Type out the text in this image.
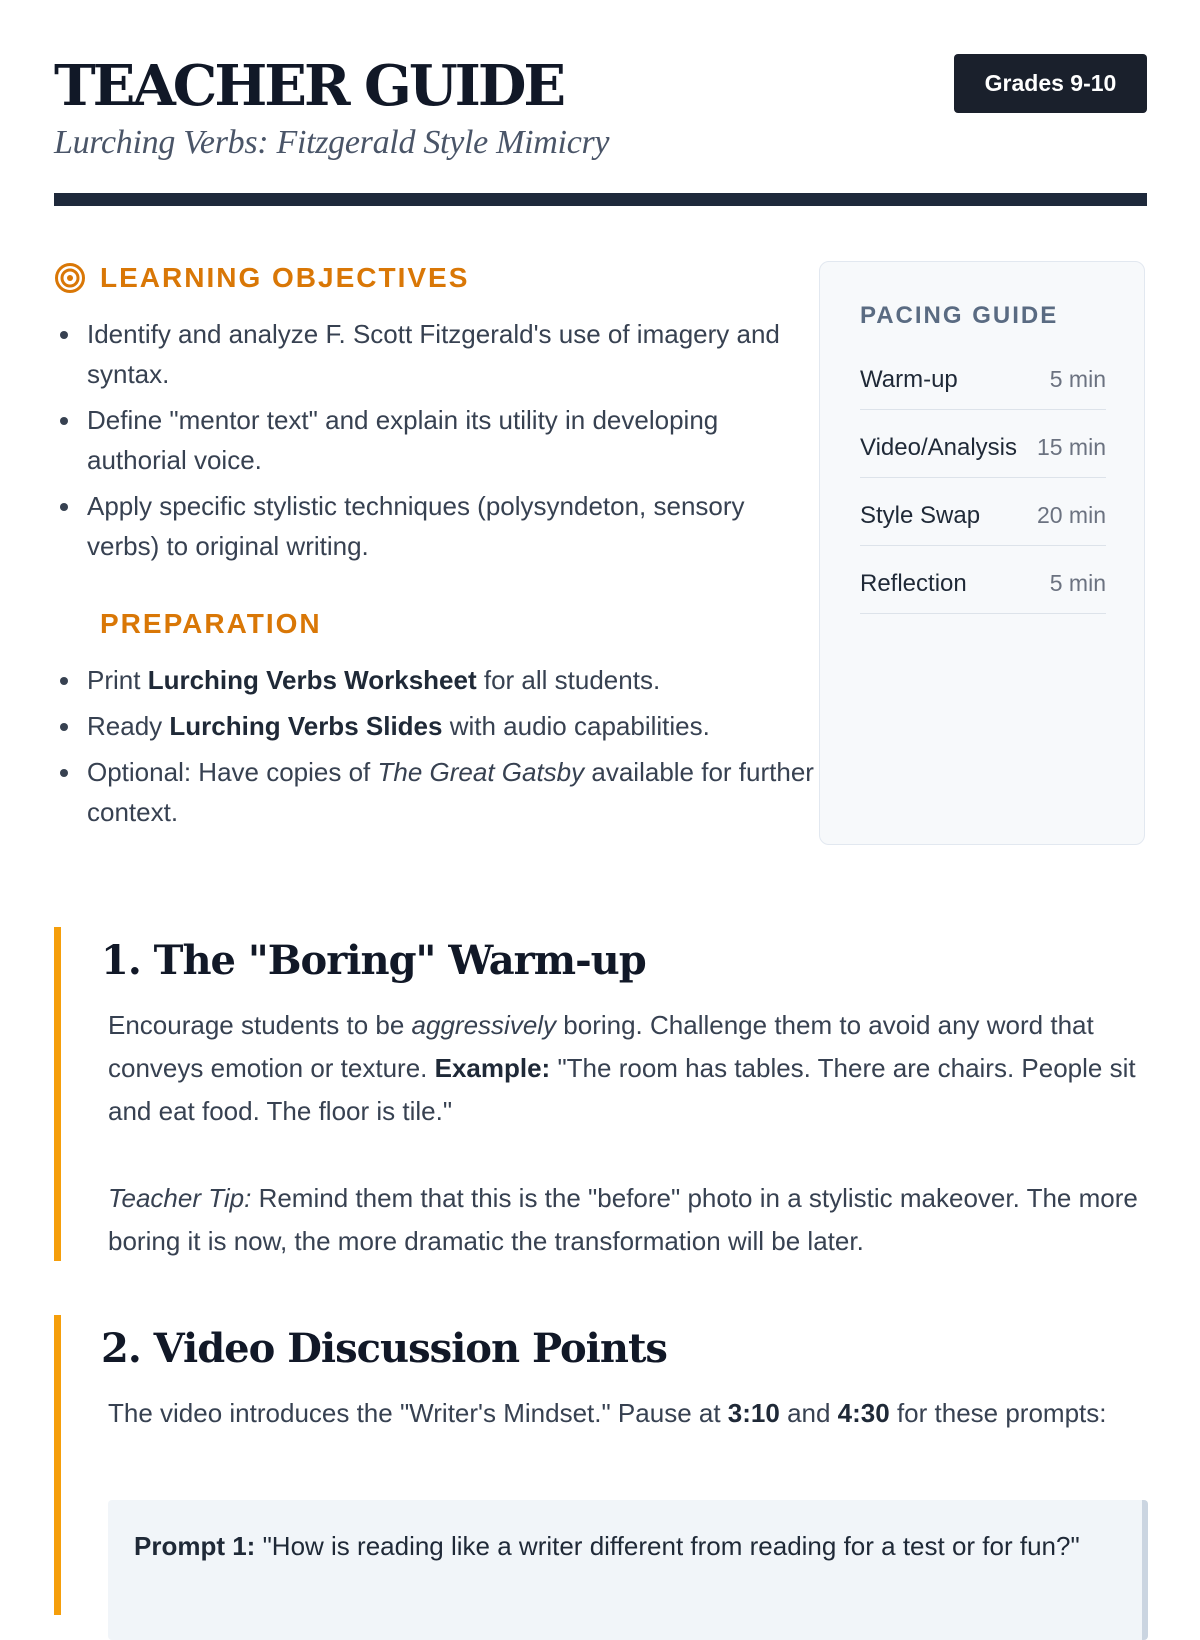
TEACHER GUIDE
Lurching Verbs: Fitzgerald Style Mimicry
Grades 9-10
LEARNING OBJECTIVES
Identify and analyze F. Scott Fitzgerald's use of imagery and syntax.
Define "mentor text" and explain its utility in developing authorial voice.
Apply specific stylistic techniques (polysyndeton, sensory verbs) to original writing.
PREPARATION
Print Lurching Verbs Worksheet for all students.
Ready Lurching Verbs Slides with audio capabilities.
Optional: Have copies of The Great Gatsby available for further context.
PACING GUIDE
Warm-up	5 min
Video/Analysis 15 min
Style Swap 20 min
Reflection	5 min
1. The "Boring" Warm-up

Encourage students to be aggressively boring. Challenge them to avoid any word that conveys emotion or texture. Example: "The room has tables. There are chairs. People sit and eat food. The floor is tile."

Teacher Tip: Remind them that this is the "before" photo in a stylistic makeover. The more boring it is now, the more dramatic the transformation will be later.

2. Video Discussion Points

The video introduces the "Writer's Mindset." Pause at 3:10 and 4:30 for these prompts:

Prompt 1: "How is reading like a writer different from reading for a test or for fun?"
